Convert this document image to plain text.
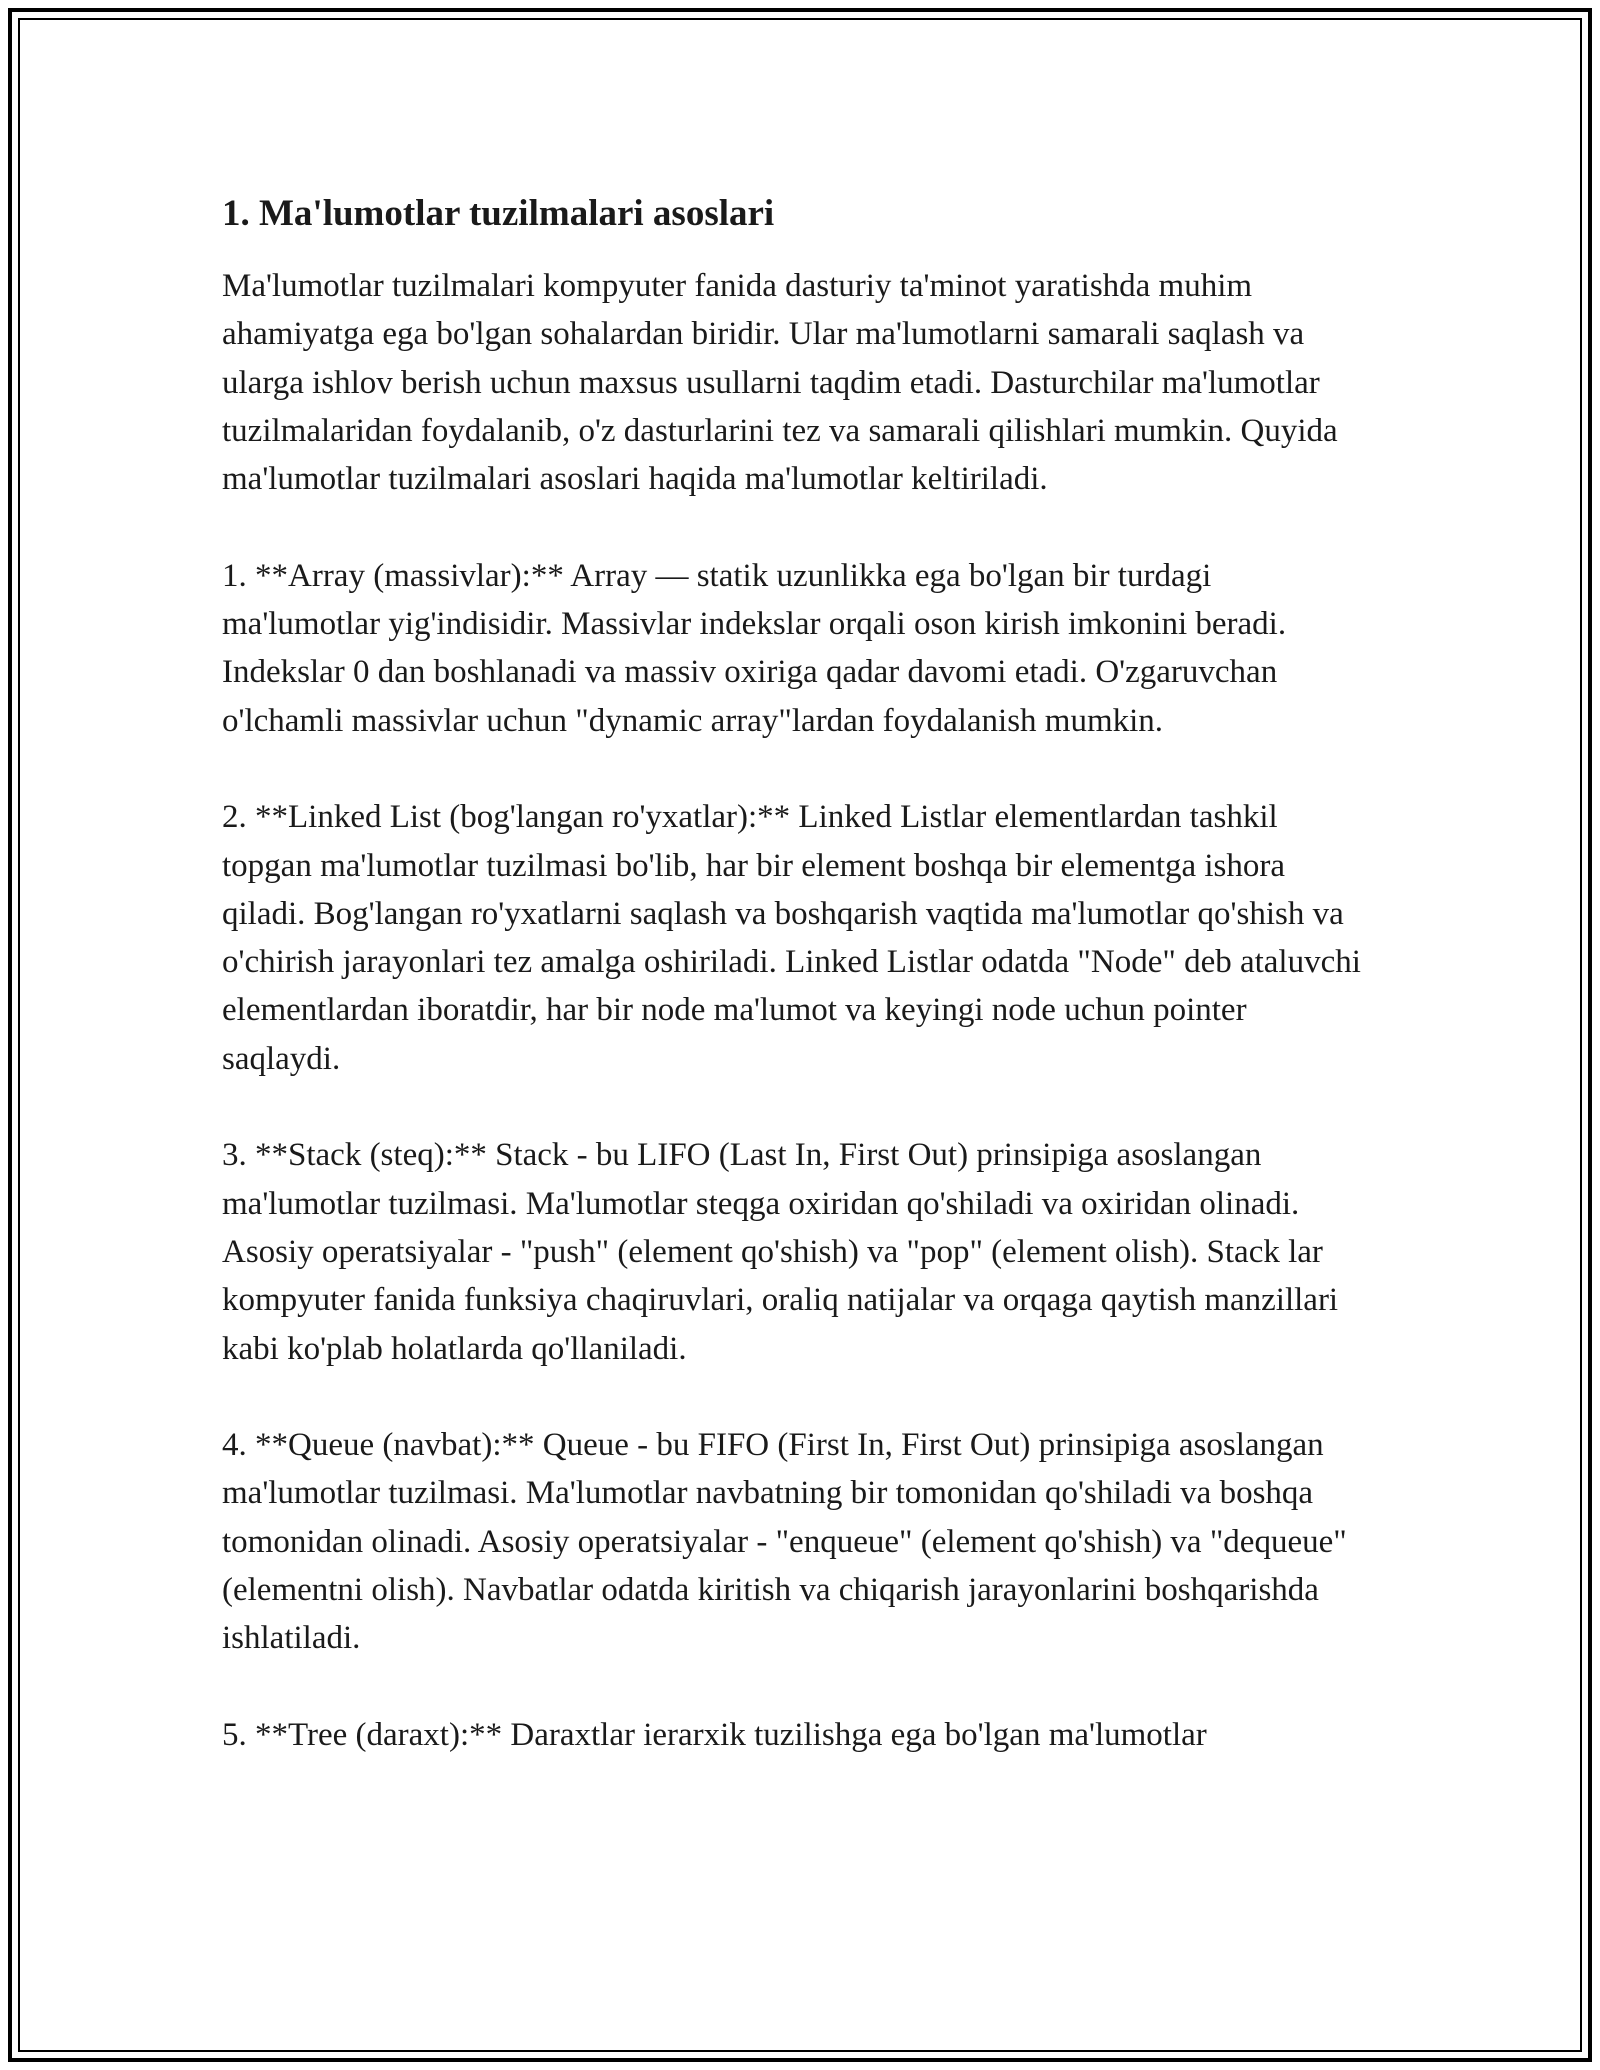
1. Ma'lumotlar tuzilmalari asoslari

Ma'lumotlar tuzilmalari kompyuter fanida dasturiy ta'minot yaratishda muhim ahamiyatga ega bo'lgan sohalardan biridir. Ular ma'lumotlarni samarali saqlash va ularga ishlov berish uchun maxsus usullarni taqdim etadi. Dasturchilar ma'lumotlar tuzilmalaridan foydalanib, o'z dasturlarini tez va samarali qilishlari mumkin. Quyida ma'lumotlar tuzilmalari asoslari haqida ma'lumotlar keltiriladi.

1. **Array (massivlar):** Array — statik uzunlikka ega bo'lgan bir turdagi ma'lumotlar yig'indisidir. Massivlar indekslar orqali oson kirish imkonini beradi. Indekslar 0 dan boshlanadi va massiv oxiriga qadar davomi etadi. O'zgaruvchan o'lchamli massivlar uchun "dynamic array"lardan foydalanish mumkin.

2. **Linked List (bog'langan ro'yxatlar):** Linked Listlar elementlardan tashkil topgan ma'lumotlar tuzilmasi bo'lib, har bir element boshqa bir elementga ishora qiladi. Bog'langan ro'yxatlarni saqlash va boshqarish vaqtida ma'lumotlar qo'shish va o'chirish jarayonlari tez amalga oshiriladi. Linked Listlar odatda "Node" deb ataluvchi elementlardan iboratdir, har bir node ma'lumot va keyingi node uchun pointer saqlaydi.

3. **Stack (steq):** Stack - bu LIFO (Last In, First Out) prinsipiga asoslangan ma'lumotlar tuzilmasi. Ma'lumotlar steqga oxiridan qo'shiladi va oxiridan olinadi. Asosiy operatsiyalar - "push" (element qo'shish) va "pop" (element olish). Stack lar kompyuter fanida funksiya chaqiruvlari, oraliq natijalar va orqaga qaytish manzillari kabi ko'plab holatlarda qo'llaniladi.

4. **Queue (navbat):** Queue - bu FIFO (First In, First Out) prinsipiga asoslangan ma'lumotlar tuzilmasi. Ma'lumotlar navbatning bir tomonidan qo'shiladi va boshqa tomonidan olinadi. Asosiy operatsiyalar - "enqueue" (element qo'shish) va "dequeue" (elementni olish). Navbatlar odatda kiritish va chiqarish jarayonlarini boshqarishda ishlatiladi.

5. **Tree (daraxt):** Daraxtlar ierarxik tuzilishga ega bo'lgan ma'lumotlar
